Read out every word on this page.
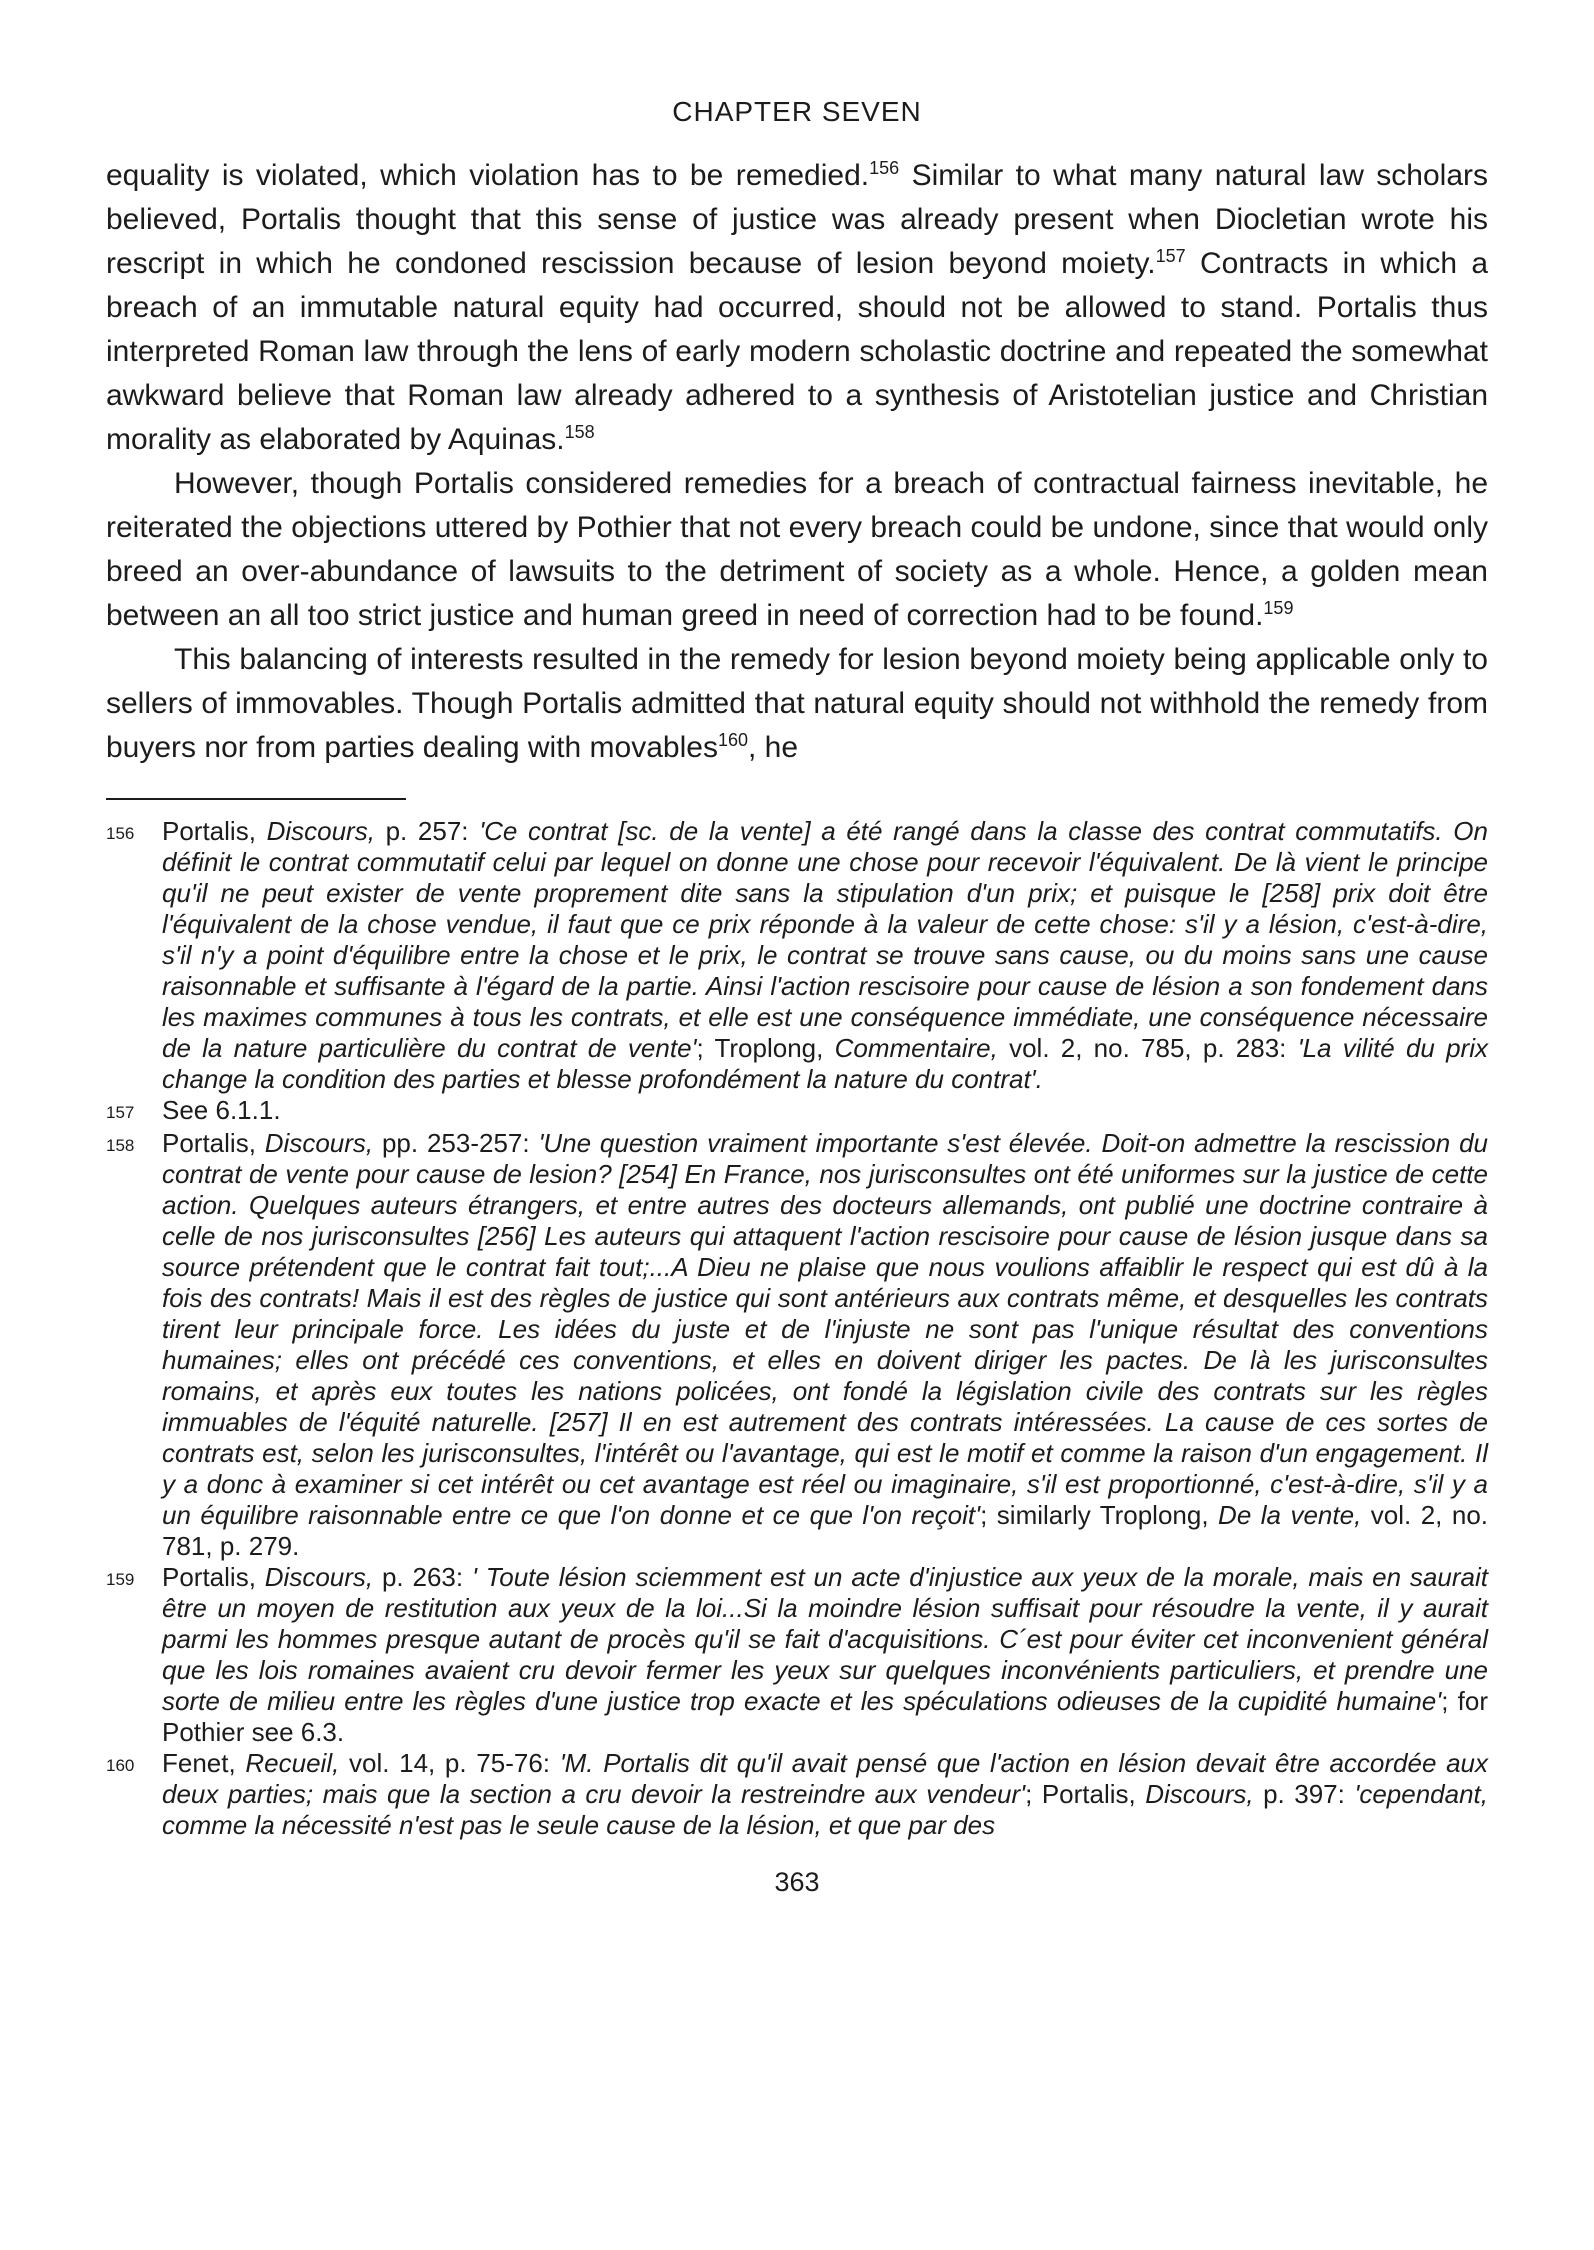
CHAPTER SEVEN

equality is violated, which violation has to be remedied.$^{156}$ Similar to what many natural law scholars believed, Portalis thought that this sense of justice was already present when Diocletian wrote his rescript in which he condoned rescission because of lesion beyond moiety.$^{157}$ Contracts in which a breach of an immutable natural equity had occurred, should not be allowed to stand. Portalis thus interpreted Roman law through the lens of early modern scholastic doctrine and repeated the somewhat awkward believe that Roman law already adhered to a synthesis of Aristotelian justice and Christian morality as elaborated by Aquinas.$^{158}$

However, though Portalis considered remedies for a breach of contractual fairness inevitable, he reiterated the objections uttered by Pothier that not every breach could be undone, since that would only breed an over-abundance of lawsuits to the detriment of society as a whole. Hence, a golden mean between an all too strict justice and human greed in need of correction had to be found.$^{159}$

This balancing of interests resulted in the remedy for lesion beyond moiety being applicable only to sellers of immovables. Though Portalis admitted that natural equity should not withhold the remedy from buyers nor from parties dealing with movables$^{160}$, he

156	Portalis, Discours, p. 257: 'Ce contrat [sc. de la vente] a été rangé dans la classe des contrat commutatifs. On définit le contrat commutatif celui par lequel on donne une chose pour recevoir l'équivalent. De là vient le principe qu'il ne peut exister de vente proprement dite sans la stipulation d'un prix; et puisque le [258] prix doit être l'équivalent de la chose vendue, il faut que ce prix réponde à la valeur de cette chose: s'il y a lésion, c'est-à-dire, s'il n'y a point d'équilibre entre la chose et le prix, le contrat se trouve sans cause, ou du moins sans une cause raisonnable et suffisante à l'égard de la partie. Ainsi l'action rescisoire pour cause de lésion a son fondement dans les maximes communes à tous les contrats, et elle est une conséquence immédiate, une conséquence nécessaire de la nature particulière du contrat de vente'; Troplong, Commentaire, vol. 2, no. 785, p. 283: 'La vilité du prix change la condition des parties et blesse profondément la nature du contrat'.
157	See 6.1.1.
158	Portalis, Discours, pp. 253-257: 'Une question vraiment importante s'est élevée. Doit-on admettre la rescission du contrat de vente pour cause de lesion? [254] En France, nos jurisconsultes ont été uniformes sur la justice de cette action. Quelques auteurs étrangers, et entre autres des docteurs allemands, ont publié une doctrine contraire à celle de nos jurisconsultes [256] Les auteurs qui attaquent l'action rescisoire pour cause de lésion jusque dans sa source prétendent que le contrat fait tout;...A Dieu ne plaise que nous voulions affaiblir le respect qui est dû à la fois des contrats! Mais il est des règles de justice qui sont antérieurs aux contrats même, et desquelles les contrats tirent leur principale force. Les idées du juste et de l'injuste ne sont pas l'unique résultat des conventions humaines; elles ont précédé ces conventions, et elles en doivent diriger les pactes. De là les jurisconsultes romains, et après eux toutes les nations policées, ont fondé la législation civile des contrats sur les règles immuables de l'équité naturelle. [257] Il en est autrement des contrats intéressées. La cause de ces sortes de contrats est, selon les jurisconsultes, l'intérêt ou l'avantage, qui est le motif et comme la raison d'un engagement. Il y a donc à examiner si cet intérêt ou cet avantage est réel ou imaginaire, s'il est proportionné, c'est-à-dire, s'il y a un équilibre raisonnable entre ce que l'on donne et ce que l'on reçoit'; similarly Troplong, De la vente, vol. 2, no. 781, p. 279.
159	Portalis, Discours, p. 263: ' Toute lésion sciemment est un acte d'injustice aux yeux de la morale, mais en saurait être un moyen de restitution aux yeux de la loi...Si la moindre lésion suffisait pour résoudre la vente, il y aurait parmi les hommes presque autant de procès qu'il se fait d'acquisitions. C´est pour éviter cet inconvenient général que les lois romaines avaient cru devoir fermer les yeux sur quelques inconvénients particuliers, et prendre une sorte de milieu entre les règles d'une justice trop exacte et les spéculations odieuses de la cupidité humaine'; for Pothier see 6.3.
160	Fenet, Recueil, vol. 14, p. 75-76: 'M. Portalis dit qu'il avait pensé que l'action en lésion devait être accordée aux deux parties; mais que la section a cru devoir la restreindre aux vendeur'; Portalis, Discours, p. 397: 'cependant, comme la nécessité n'est pas le seule cause de la lésion, et que par des
363
